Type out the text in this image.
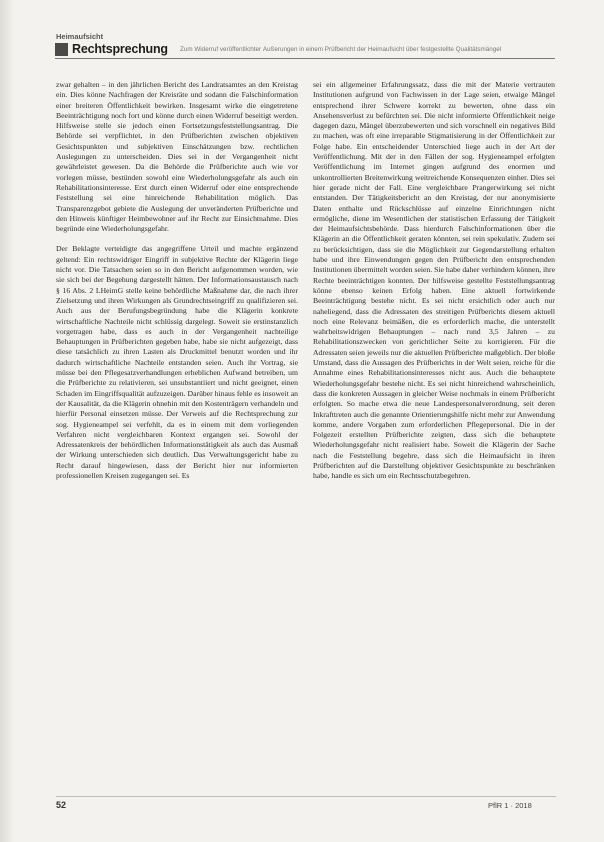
Heimaufsicht
Rechtsprechung Zum Widerruf veröffentlichter Äußerungen in einem Prüfbericht der Heimaufsicht über festgestellte Qualitätsmängel

zwar gehalten – in den jährlichen Bericht des Landratsamtes an den Kreistag ein. Dies könne Nachfragen der Kreisräte und sodann die Falschinformation einer breiteren Öffentlichkeit bewirken. Insgesamt wirke die eingetretene Beeinträchtigung noch fort und könne durch einen Widerruf beseitigt werden. Hilfsweise stelle sie jedoch einen Fortsetzungsfeststellungsantrag. Die Behörde sei verpflichtet, in den Prüfberichten zwischen objektiven Gesichtspunkten und subjektiven Einschätzungen bzw. rechtlichen Auslegungen zu unterscheiden. Dies sei in der Vergangenheit nicht gewährleistet gewesen. Da die Behörde die Prüfberichte auch wie vor vorlegen müsse, bestünden sowohl eine Wiederholungsgefahr als auch ein Rehabilitationsinteresse. Erst durch einen Widerruf oder eine entsprechende Feststellung sei eine hinreichende Rehabilitation möglich. Das Transparenzgebot gebiete die Auslegung der unveränderten Prüfberichte und den Hinweis künftiger Heimbewohner auf ihr Recht zur Einsichtnahme. Dies begründe eine Wiederholungsgefahr.

Der Beklagte verteidigte das angegriffene Urteil und machte ergänzend geltend: Ein rechtswidriger Eingriff in subjektive Rechte der Klägerin liege nicht vor. Die Tatsachen seien so in den Bericht aufgenommen worden, wie sie sich bei der Begehung dargestellt hätten. Der Informationsaustausch nach § 16 Abs. 2 LHeimG stelle keine behördliche Maßnahme dar, die nach ihrer Zielsetzung und ihren Wirkungen als Grundrechtseingriff zu qualifizieren sei. Auch aus der Berufungsbegründung habe die Klägerin konkrete wirtschaftliche Nachteile nicht schlüssig dargelegt. Soweit sie erstinstanzlich vorgetragen habe, dass es auch in der Vergangenheit nachteilige Behauptungen in Prüfberichten gegeben habe, habe sie nicht aufgezeigt, dass diese tatsächlich zu ihren Lasten als Druckmittel benutzt worden und ihr dadurch wirtschaftliche Nachteile entstanden seien. Auch ihr Vortrag, sie müsse bei den Pflegesatzverhandlungen erheblichen Aufwand betreiben, um die Prüfberichte zu relativieren, sei unsubstantiiert und nicht geeignet, einen Schaden im Eingriffsqualität aufzuzeigen. Darüber hinaus fehle es insoweit an der Kausalität, da die Klägerin ohnehin mit den Kostenträgern verhandeln und hierfür Personal einsetzen müsse. Der Verweis auf die Rechtsprechung zur sog. Hygieneampel sei verfehlt, da es in einem mit dem vorliegenden Verfahren nicht vergleichbaren Kontext ergangen sei. Sowohl der Adressatenkreis der behördlichen Informationstätigkeit als auch das Ausmaß der Wirkung unterschieden sich deutlich. Das Verwaltungsgericht habe zu Recht darauf hingewiesen, dass der Bericht hier nur informierten professionellen Kreisen zugegangen sei. Es

sei ein allgemeiner Erfahrungssatz, dass die mit der Materie vertrauten Institutionen aufgrund von Fachwissen in der Lage seien, etwaige Mängel entsprechend ihrer Schwere korrekt zu bewerten, ohne dass ein Ansehensverlust zu befürchten sei. Die nicht informierte Öffentlichkeit neige dagegen dazu, Mängel überzubewerten und sich vorschnell ein negatives Bild zu machen, was oft eine irreparable Stigmatisierung in der Öffentlichkeit zur Folge habe. Ein entscheidender Unterschied liege auch in der Art der Veröffentlichung. Mit der in den Fällen der sog. Hygieneampel erfolgten Veröffentlichung im Internet gingen aufgrund des enormen und unkontrollierten Breitenwirkung weitreichende Konsequenzen einher. Dies sei hier gerade nicht der Fall. Eine vergleichbare Prangerwirkung sei nicht entstanden. Der Tätigkeitsbericht an den Kreistag, der nur anonymisierte Daten enthalte und Rückschlüsse auf einzelne Einrichtungen nicht ermögliche, diene im Wesentlichen der statistischen Erfassung der Tätigkeit der Heimaufsichtsbehörde. Dass hierdurch Falschinformationen über die Klägerin an die Öffentlichkeit geraten könnten, sei rein spekulativ. Zudem sei zu berücksichtigen, dass sie die Möglichkeit zur Gegendarstellung erhalten habe und ihre Einwendungen gegen den Prüfbericht den entsprechenden Institutionen übermittelt worden seien. Sie habe daher verhindern können, ihre Rechte beeinträchtigen konnten. Der hilfsweise gestellte Feststellungsantrag könne ebenso keinen Erfolg haben. Eine aktuell fortwirkende Beeinträchtigung bestehe nicht. Es sei nicht ersichtlich oder auch nur naheliegend, dass die Adressaten des streitigen Prüfberichts diesem aktuell noch eine Relevanz beimäßen, die es erforderlich mache, die unterstellt wahrheitswidrigen Behauptungen – nach rund 3,5 Jahren – zu Rehabilitationszwecken von gerichtlicher Seite zu korrigieren. Für die Adressaten seien jeweils nur die aktuellen Prüfberichte maßgeblich. Der bloße Umstand, dass die Aussagen des Prüfberichts in der Welt seien, reiche für die Annahme eines Rehabilitationsinteresses nicht aus. Auch die behauptete Wiederholungsgefahr bestehe nicht. Es sei nicht hinreichend wahrscheinlich, dass die konkreten Aussagen in gleicher Weise nochmals in einem Prüfbericht erfolgten. So mache etwa die neue Landespersonalverordnung, seit deren Inkrafttreten auch die genannte Orientierungshilfe nicht mehr zur Anwendung komme, andere Vorgaben zum erforderlichen Pflegepersonal. Die in der Folgezeit erstellten Prüfberichte zeigten, dass sich die behauptete Wiederholungsgefahr nicht realisiert habe. Soweit die Klägerin der Sache nach die Feststellung begehre, dass sich die Heimaufsicht in ihren Prüfberichten auf die Darstellung objektiver Gesichtspunkte zu beschränken habe, handle es sich um ein Rechtsschutzbegehren.

52	PflR 1 · 2018
